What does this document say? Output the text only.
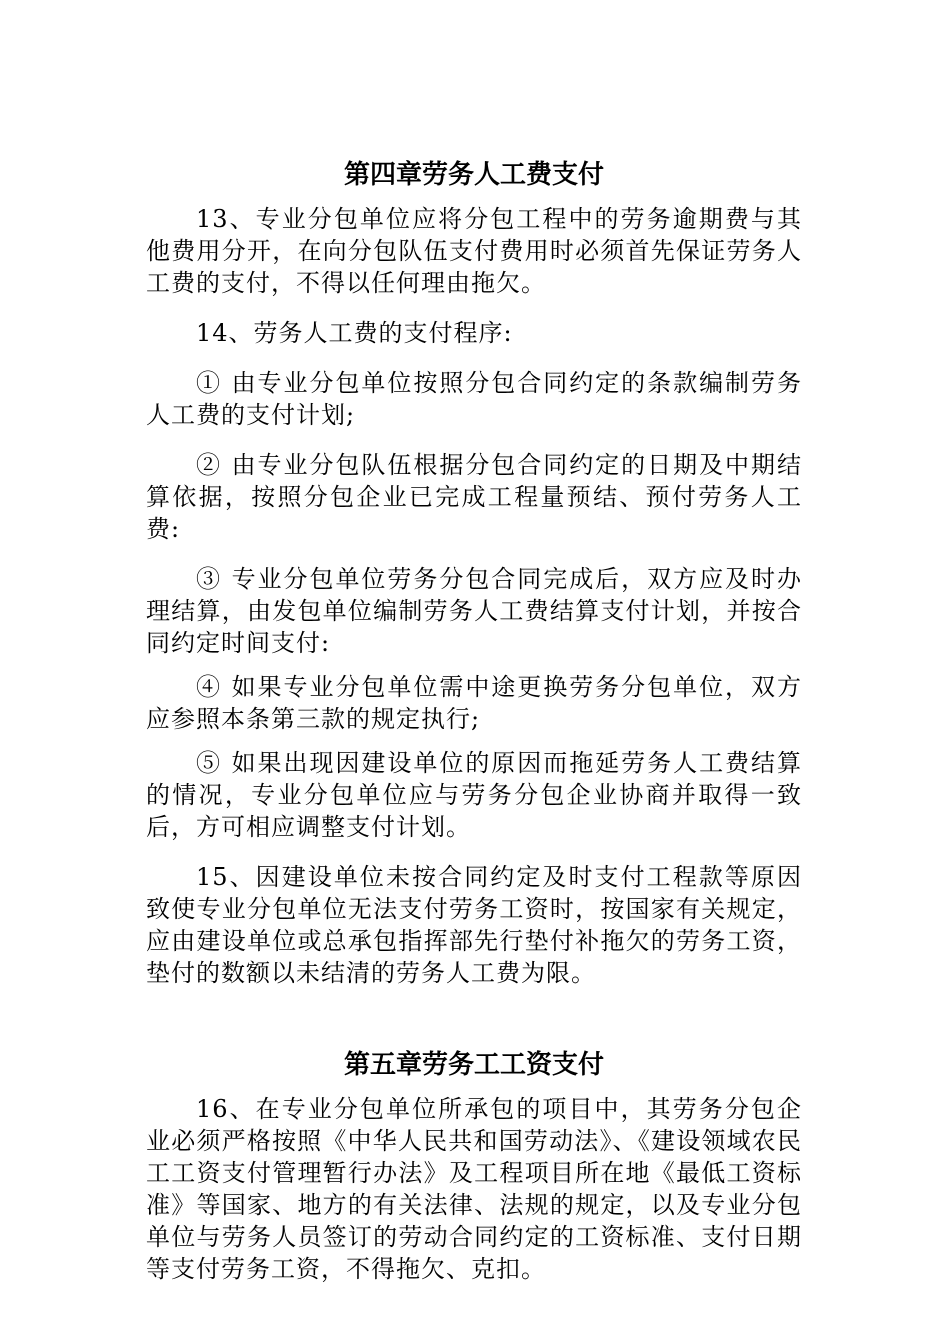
第四章劳务人工费支付

13、专业分包单位应将分包工程中的劳务逾期费与其他费用分开，在向分包队伍支付费用时必须首先保证劳务人工费的支付，不得以任何理由拖欠。

14、劳务人工费的支付程序:

① 由专业分包单位按照分包合同约定的条款编制劳务人工费的支付计划;

② 由专业分包队伍根据分包合同约定的日期及中期结算依据，按照分包企业已完成工程量预结、预付劳务人工费:

③ 专业分包单位劳务分包合同完成后，双方应及时办理结算，由发包单位编制劳务人工费结算支付计划，并按合同约定时间支付:

④ 如果专业分包单位需中途更换劳务分包单位，双方应参照本条第三款的规定执行;

⑤ 如果出现因建设单位的原因而拖延劳务人工费结算的情况，专业分包单位应与劳务分包企业协商并取得一致后，方可相应调整支付计划。

15、因建设单位未按合同约定及时支付工程款等原因致使专业分包单位无法支付劳务工资时，按国家有关规定，应由建设单位或总承包指挥部先行垫付补拖欠的劳务工资，垫付的数额以未结清的劳务人工费为限。

第五章劳务工工资支付

16、在专业分包单位所承包的项目中，其劳务分包企业必须严格按照《中华人民共和国劳动法》、《建设领域农民工工资支付管理暂行办法》及工程项目所在地《最低工资标准》等国家、地方的有关法律、法规的规定，以及专业分包单位与劳务人员签订的劳动合同约定的工资标准、支付日期等支付劳务工资，不得拖欠、克扣。
